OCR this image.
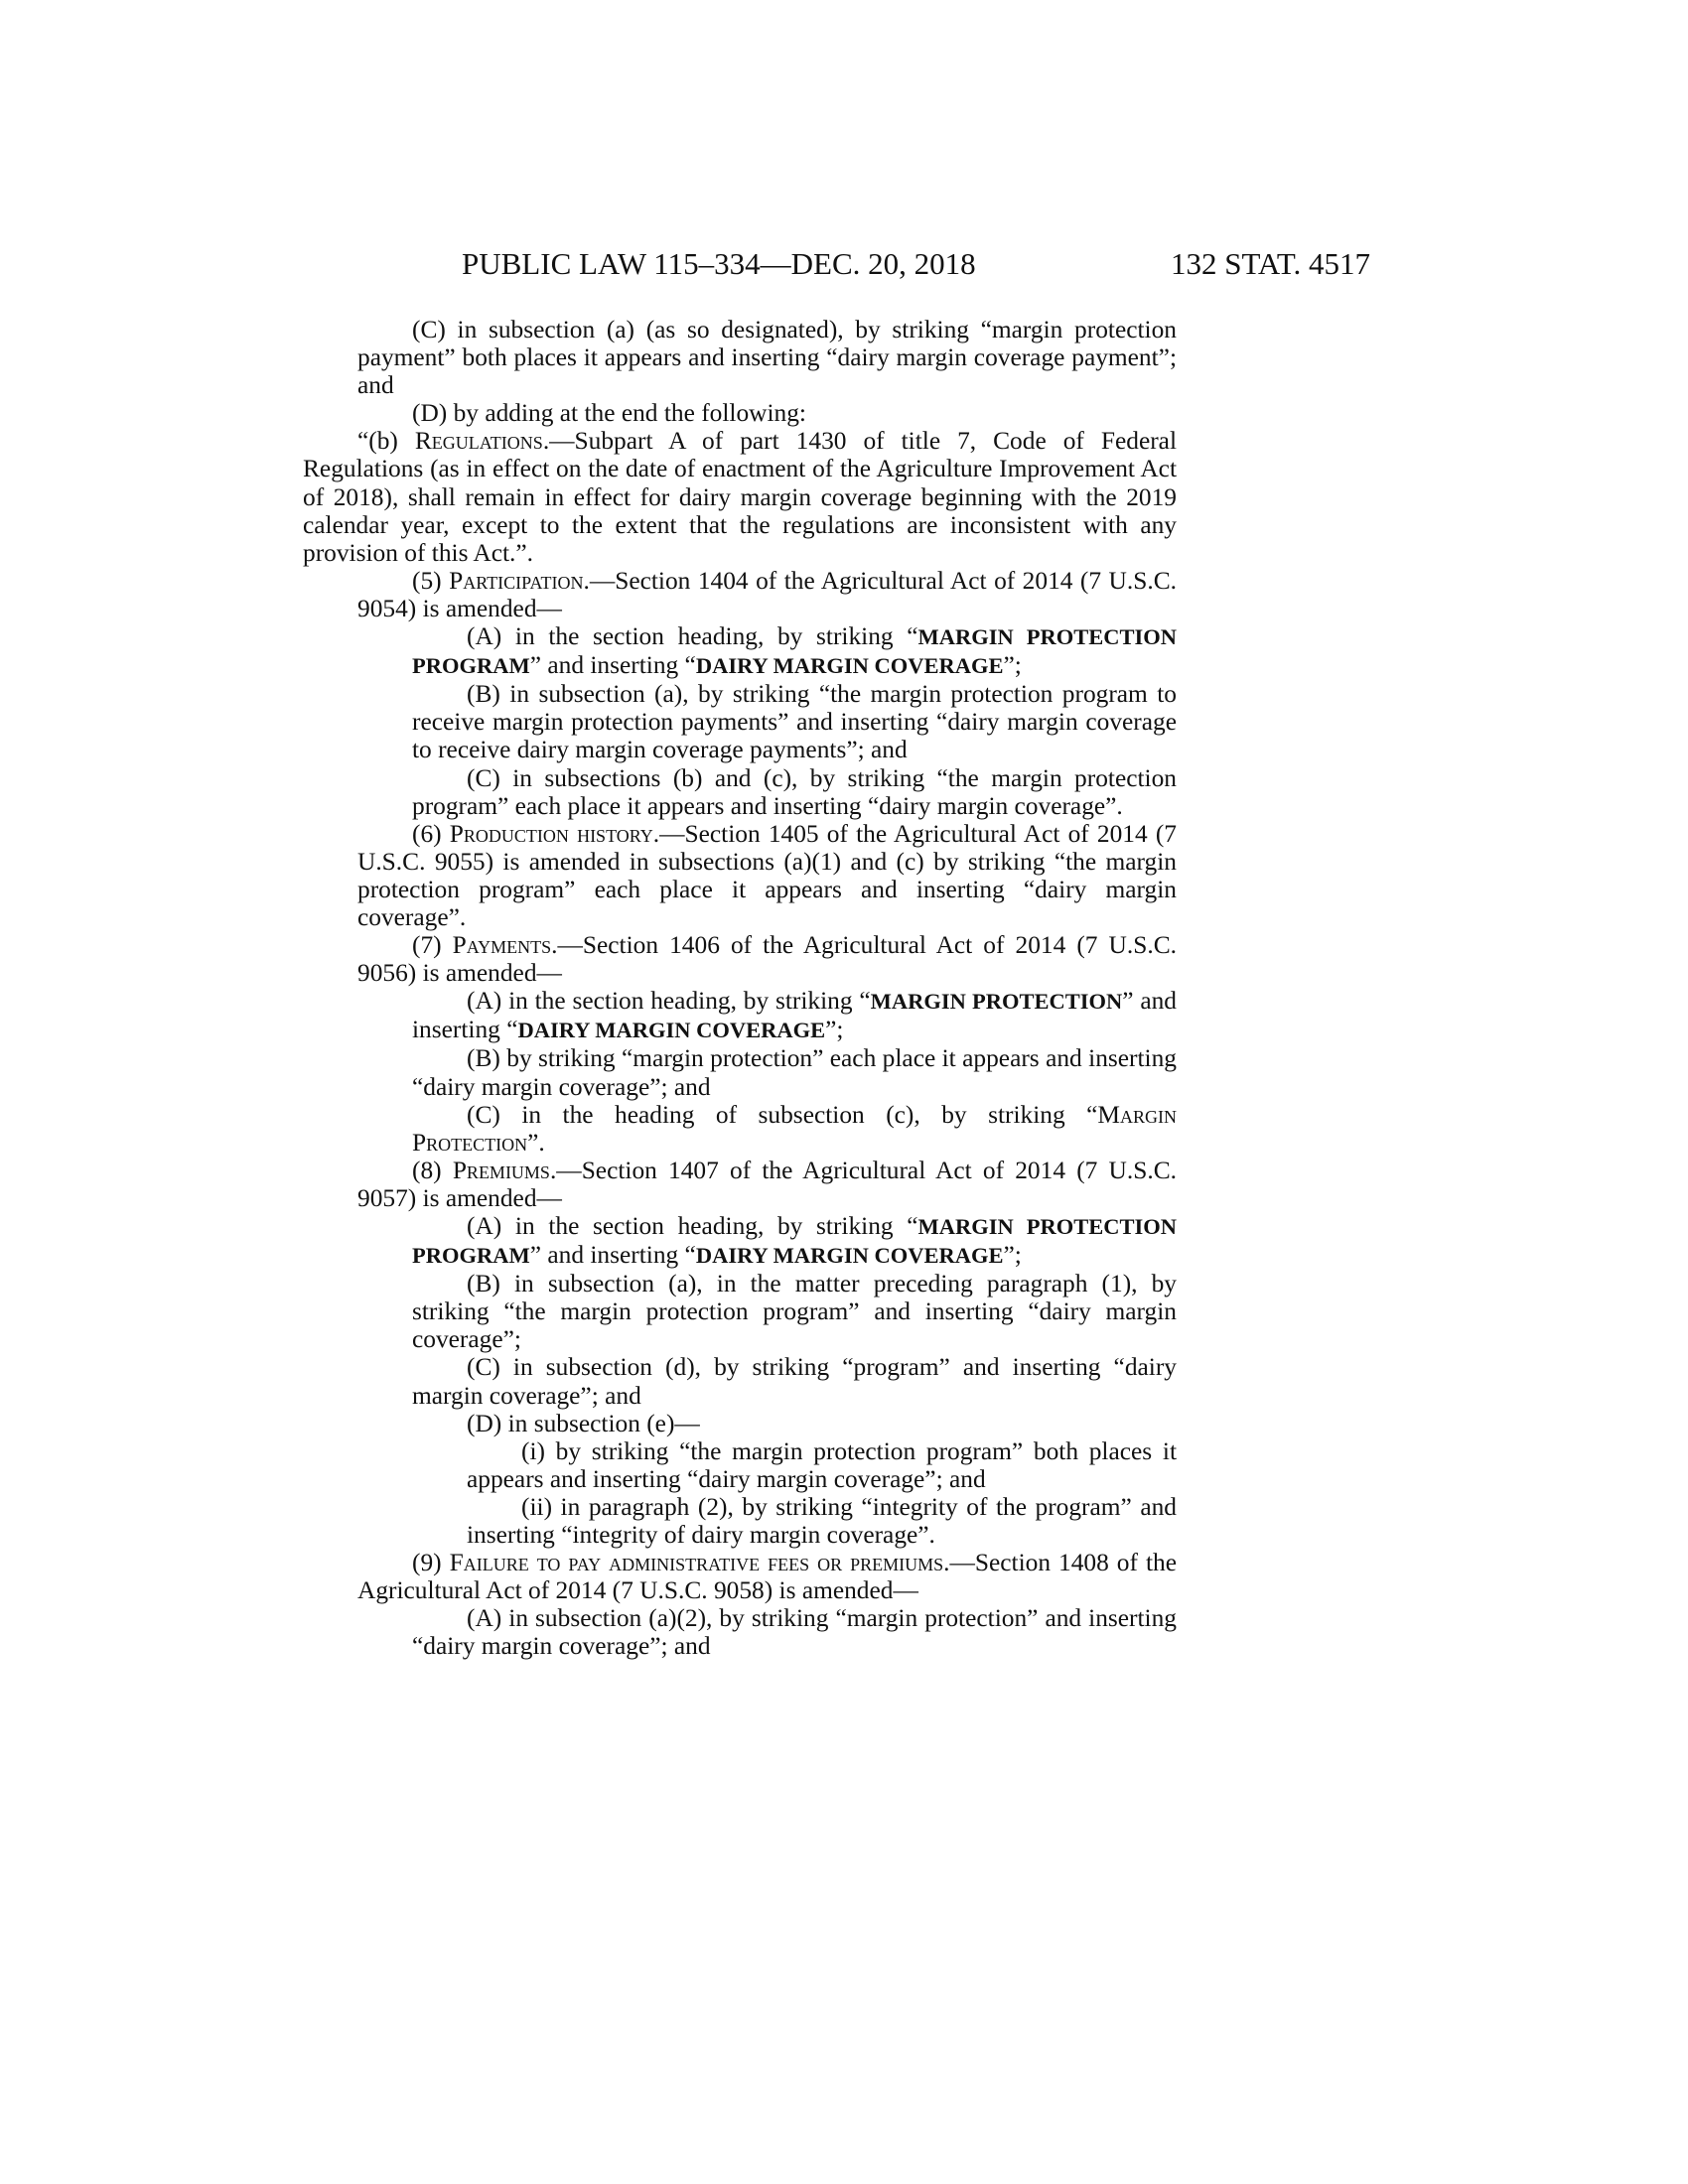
PUBLIC LAW 115–334—DEC. 20, 2018	132 STAT. 4517

(C) in subsection (a) (as so designated), by striking “margin protection payment” both places it appears and inserting “dairy margin coverage payment”; and

(D) by adding at the end the following:

“(b) Regulations.—Subpart A of part 1430 of title 7, Code of Federal Regulations (as in effect on the date of enactment of the Agriculture Improvement Act of 2018), shall remain in effect for dairy margin coverage beginning with the 2019 calendar year, except to the extent that the regulations are inconsistent with any provision of this Act.”.

(5) Participation.—Section 1404 of the Agricultural Act of 2014 (7 U.S.C. 9054) is amended—

(A) in the section heading, by striking “MARGIN PROTECTION PROGRAM” and inserting “DAIRY MARGIN COVERAGE”;

(B) in subsection (a), by striking “the margin protection program to receive margin protection payments” and inserting “dairy margin coverage to receive dairy margin coverage payments”; and

(C) in subsections (b) and (c), by striking “the margin protection program” each place it appears and inserting “dairy margin coverage”.

(6) Production history.—Section 1405 of the Agricultural Act of 2014 (7 U.S.C. 9055) is amended in subsections (a)(1) and (c) by striking “the margin protection program” each place it appears and inserting “dairy margin coverage”.

(7) Payments.—Section 1406 of the Agricultural Act of 2014 (7 U.S.C. 9056) is amended—

(A) in the section heading, by striking “MARGIN PROTECTION” and inserting “DAIRY MARGIN COVERAGE”;

(B) by striking “margin protection” each place it appears and inserting “dairy margin coverage”; and

(C) in the heading of subsection (c), by striking “Margin Protection”.

(8) Premiums.—Section 1407 of the Agricultural Act of 2014 (7 U.S.C. 9057) is amended—

(A) in the section heading, by striking “MARGIN PROTECTION PROGRAM” and inserting “DAIRY MARGIN COVERAGE”;

(B) in subsection (a), in the matter preceding paragraph (1), by striking “the margin protection program” and inserting “dairy margin coverage”;

(C) in subsection (d), by striking “program” and inserting “dairy margin coverage”; and

(D) in subsection (e)—

(i) by striking “the margin protection program” both places it appears and inserting “dairy margin coverage”; and

(ii) in paragraph (2), by striking “integrity of the program” and inserting “integrity of dairy margin coverage”.

(9) Failure to pay administrative fees or premiums.—Section 1408 of the Agricultural Act of 2014 (7 U.S.C. 9058) is amended—

(A) in subsection (a)(2), by striking “margin protection” and inserting “dairy margin coverage”; and
